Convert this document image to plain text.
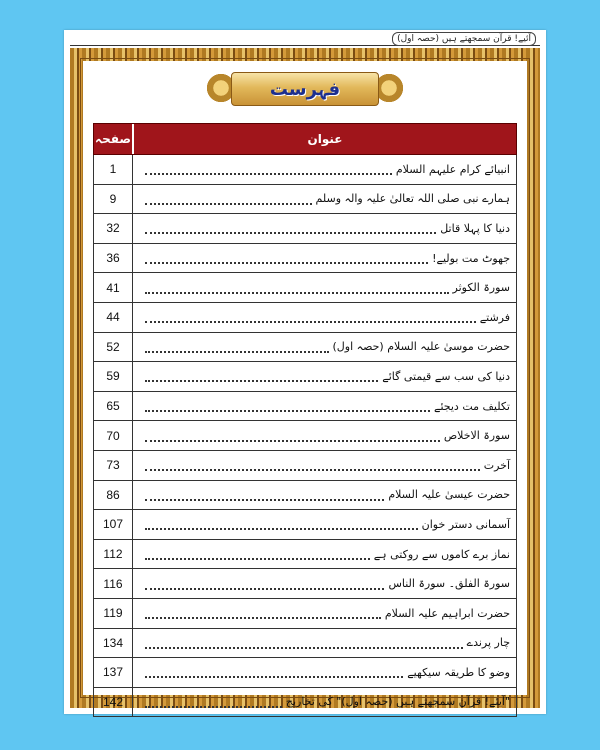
آئیے! قرآن سمجھتے ہیں (حصہ اول)
فہرست
صفحہ	عنوان
1	انبیائے کرام علیہم السلام
9	ہمارے نبی صلی اللہ تعالیٰ علیہ والہ وسلم
32	دنیا کا پہلا قاتل
36	جھوٹ مت بولیے!
41	سورۃ الکوثر
44	فرشتے
52	حضرت موسیٰ علیہ السلام (حصہ اول)
59	دنیا کی سب سے قیمتی گائے
65	تکلیف مت دیجئے
70	سورۃ الاخلاص
73	آخرت
86	حضرت عیسیٰ علیہ السلام
107	آسمانی دستر خوان
112	نماز برے کاموں سے روکتی ہے
116	سورۃ الفلق۔ سورۃ الناس
119	حضرت ابراہیم علیہ السلام
134	چار پرندے
137	وضو کا طریقہ سیکھیے
142	"آیئے! قرآن سمجھتے ہیں (حصہ اول)" کی تخاریج
